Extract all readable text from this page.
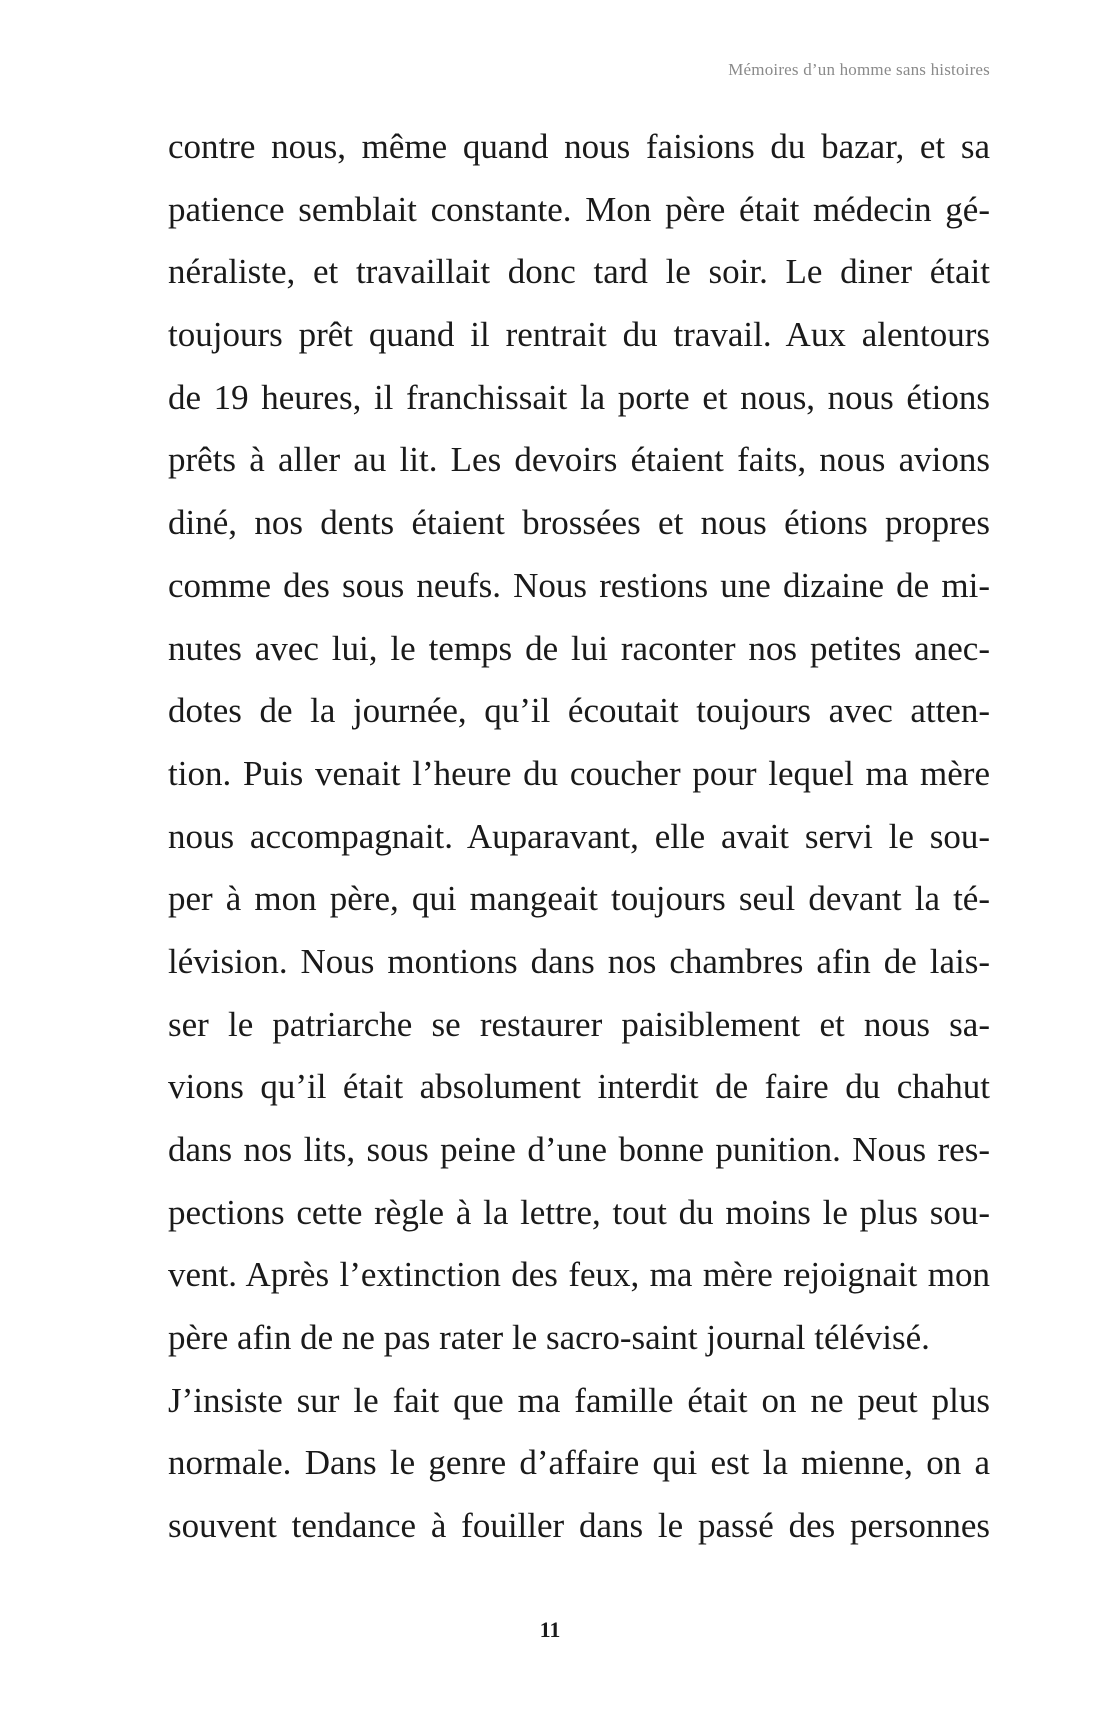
Mémoires d’un homme sans histoires
contre nous, même quand nous faisions du bazar, et sa
patience semblait constante. Mon père était médecin gé-
néraliste, et travaillait donc tard le soir. Le diner était
toujours prêt quand il rentrait du travail. Aux alentours
de 19 heures, il franchissait la porte et nous, nous étions
prêts à aller au lit. Les devoirs étaient faits, nous avions
diné, nos dents étaient brossées et nous étions propres
comme des sous neufs. Nous restions une dizaine de mi-
nutes avec lui, le temps de lui raconter nos petites anec-
dotes de la journée, qu’il écoutait toujours avec atten-
tion. Puis venait l’heure du coucher pour lequel ma mère
nous accompagnait. Auparavant, elle avait servi le sou-
per à mon père, qui mangeait toujours seul devant la té-
lévision. Nous montions dans nos chambres afin de lais-
ser le patriarche se restaurer paisiblement et nous sa-
vions qu’il était absolument interdit de faire du chahut
dans nos lits, sous peine d’une bonne punition. Nous res-
pections cette règle à la lettre, tout du moins le plus sou-
vent. Après l’extinction des feux, ma mère rejoignait mon
père afin de ne pas rater le sacro-saint journal télévisé.
J’insiste sur le fait que ma famille était on ne peut plus
normale. Dans le genre d’affaire qui est la mienne, on a
souvent tendance à fouiller dans le passé des personnes
11
